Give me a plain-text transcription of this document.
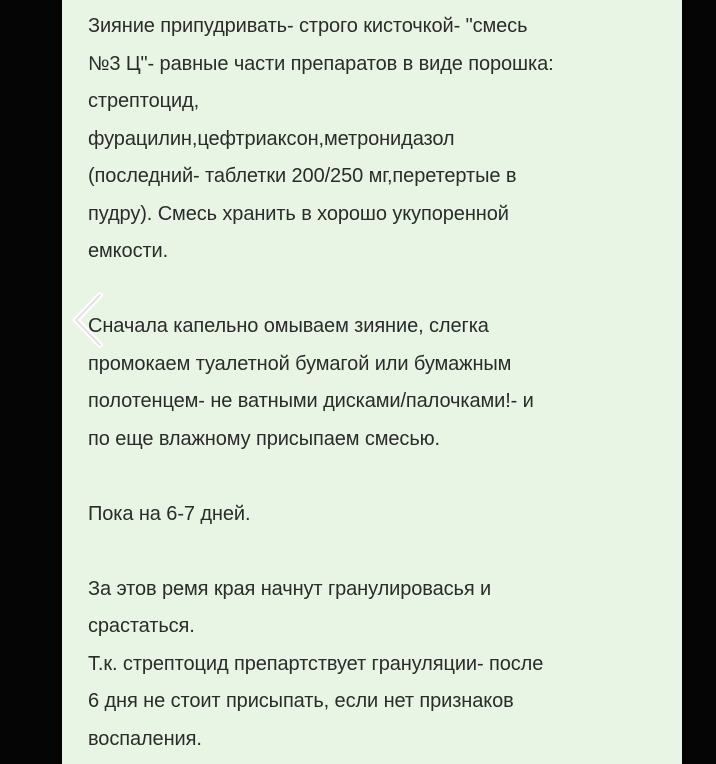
Зияние припудривать- строго кисточкой- "смесь
№3 Ц"- равные части препаратов в виде порошка:
стрептоцид,
фурацилин,цефтриаксон,метронидазол
(последний- таблетки 200/250 мг,перетертые в
пудру). Смесь хранить в хорошо укупоренной
емкости.

Сначала капельно омываем зияние, слегка
промокаем туалетной бумагой или бумажным
полотенцем- не ватными дисками/палочками!- и
по еще влажному присыпаем смесью.

Пока на 6-7 дней.

За этов ремя края начнут гранулировасья и
срастаться.
Т.к. стрептоцид препартствует грануляции- после
6 дня не стоит присыпать, если нет признаков
воспаления.
